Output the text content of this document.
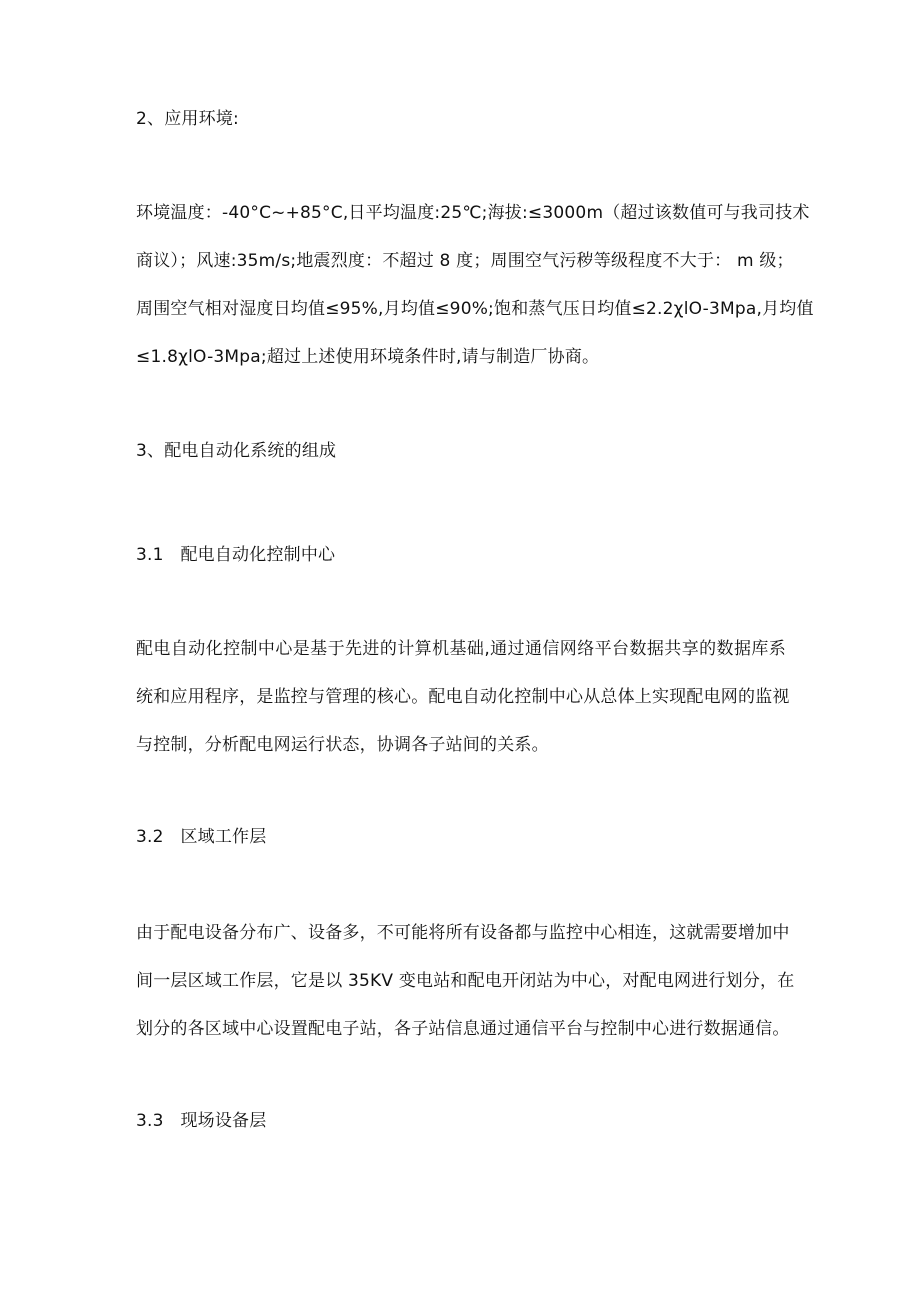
2、应用环境:
环境温度：-40°C~+85°C,日平均温度:25℃;海拔:≤3000m（超过该数值可与我司技术
商议）；风速:35m∕s;地震烈度：不超过 8 度；周围空气污秽等级程度不大于： m 级；
周围空气相对湿度日均值≤95%,月均值≤90%;饱和蒸气压日均值≤2.2χlO-3Mpa,月均值
≤1.8χlO-3Mpa;超过上述使用环境条件时,请与制造厂协商。
3、配电自动化系统的组成
3.1   配电自动化控制中心
配电自动化控制中心是基于先进的计算机基础,通过通信网络平台数据共享的数据库系
统和应用程序，是监控与管理的核心。配电自动化控制中心从总体上实现配电网的监视
与控制，分析配电网运行状态，协调各子站间的关系。
3.2   区域工作层
由于配电设备分布广、设备多，不可能将所有设备都与监控中心相连，这就需要增加中
间一层区域工作层，它是以 35KV 变电站和配电开闭站为中心，对配电网进行划分，在
划分的各区域中心设置配电子站，各子站信息通过通信平台与控制中心进行数据通信。
3.3   现场设备层
